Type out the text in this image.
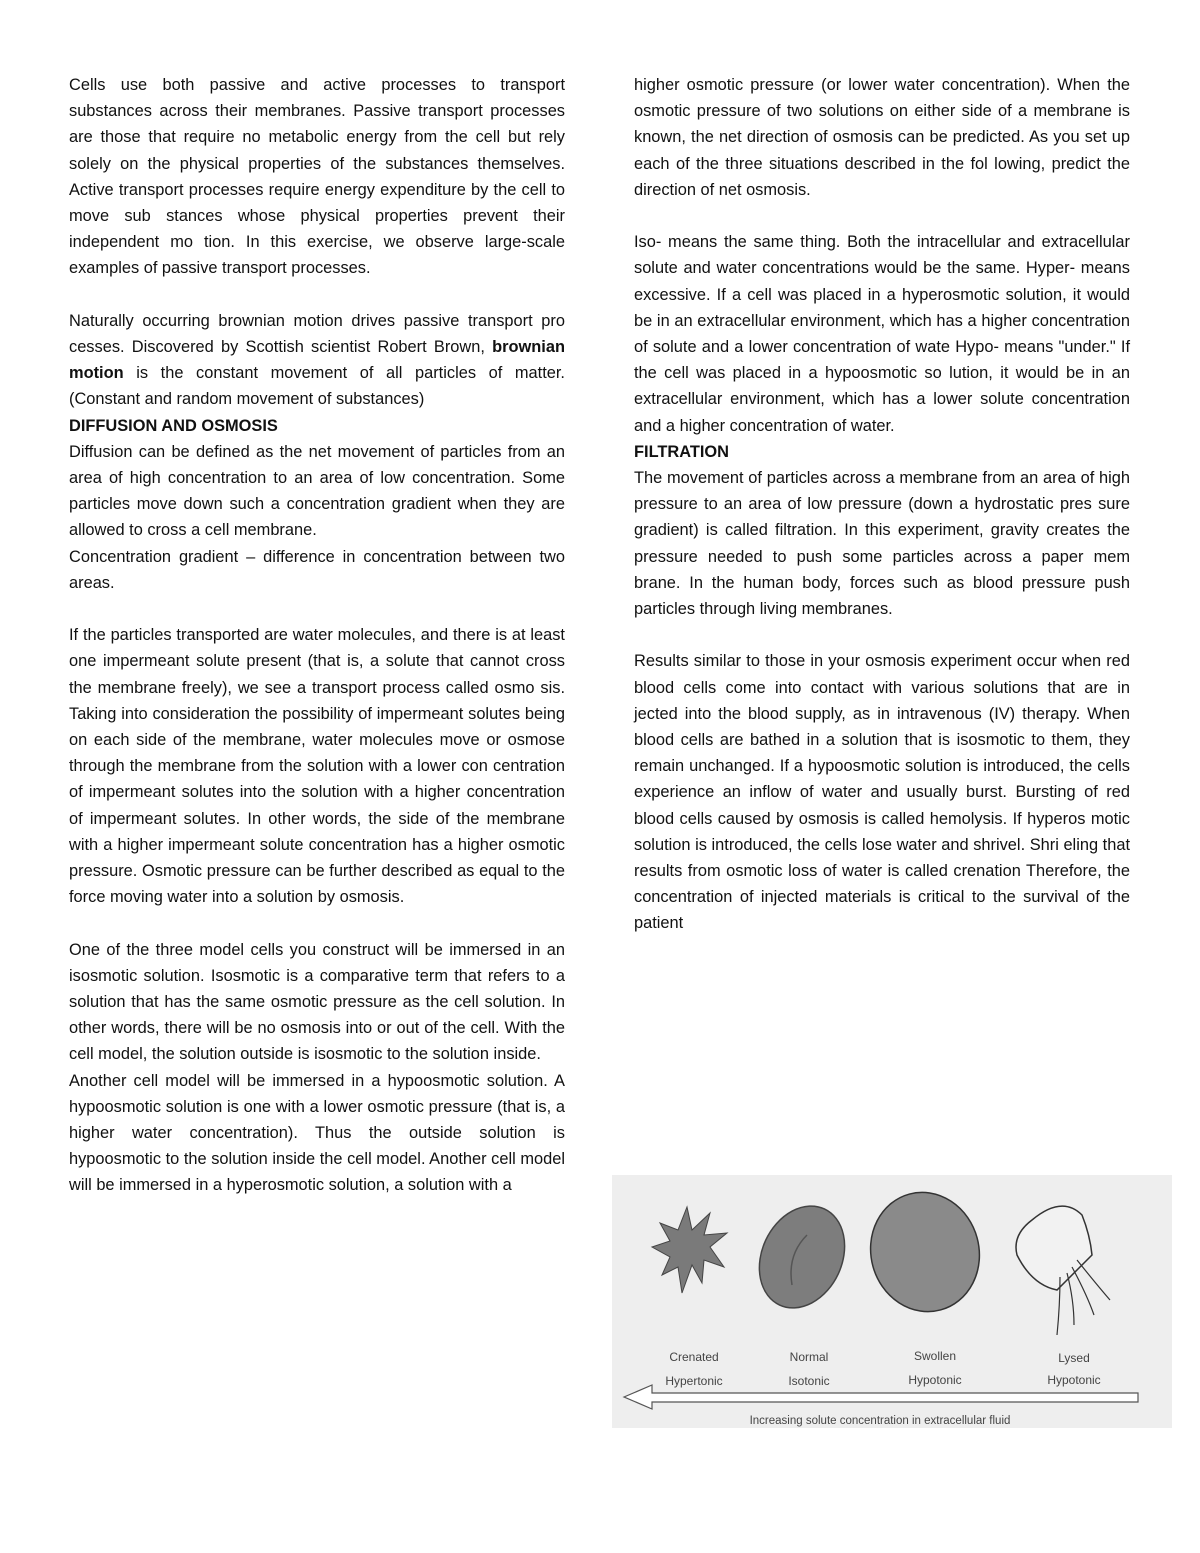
Cells use both passive and active processes to transport substances across their membranes. Passive transport processes are those that require no metabolic energy from the cell but rely solely on the physical properties of the substances themselves. Active transport processes require energy expenditure by the cell to move sub stances whose physical properties prevent their independent mo tion. In this exercise, we observe large-scale examples of passive transport processes.

Naturally occurring brownian motion drives passive transport pro cesses. Discovered by Scottish scientist Robert Brown, brownian motion is the constant movement of all particles of matter. (Constant and random movement of substances)

DIFFUSION AND OSMOSIS

Diffusion can be defined as the net movement of particles from an area of high concentration to an area of low concentration. Some particles move down such a concentration gradient when they are allowed to cross a cell membrane.

Concentration gradient – difference in concentration between two areas.

If the particles transported are water molecules, and there is at least one impermeant solute present (that is, a solute that cannot cross the membrane freely), we see a transport process called osmo sis. Taking into consideration the possibility of impermeant solutes being on each side of the membrane, water molecules move or osmose through the membrane from the solution with a lower con centration of impermeant solutes into the solution with a higher concentration of impermeant solutes. In other words, the side of the membrane with a higher impermeant solute concentration has a higher osmotic pressure. Osmotic pressure can be further described as equal to the force moving water into a solution by osmosis.

One of the three model cells you construct will be immersed in an isosmotic solution. Isosmotic is a comparative term that refers to a solution that has the same osmotic pressure as the cell solution. In other words, there will be no osmosis into or out of the cell. With the cell model, the solution outside is isosmotic to the solution inside.

Another cell model will be immersed in a hypoosmotic solution. A hypoosmotic solution is one with a lower osmotic pressure (that is, a higher water concentration). Thus the outside solution is hypoosmotic to the solution inside the cell model. Another cell model will be immersed in a hyperosmotic solution, a solution with a

higher osmotic pressure (or lower water concentration). When the osmotic pressure of two solutions on either side of a membrane is known, the net direction of osmosis can be predicted. As you set up each of the three situations described in the fol lowing, predict the direction of net osmosis.

Iso- means the same thing. Both the intracellular and extracellular solute and water concentrations would be the same. Hyper- means excessive. If a cell was placed in a hyperosmotic solution, it would be in an extracellular environment, which has a higher concentration of solute and a lower concentration of wate Hypo- means "under." If the cell was placed in a hypoosmotic so lution, it would be in an extracellular environment, which has a lower solute concentration and a higher concentration of water.

FILTRATION

The movement of particles across a membrane from an area of high pressure to an area of low pressure (down a hydrostatic pres sure gradient) is called filtration. In this experiment, gravity creates the pressure needed to push some particles across a paper mem brane. In the human body, forces such as blood pressure push particles through living membranes.

Results similar to those in your osmosis experiment occur when red blood cells come into contact with various solutions that are in jected into the blood supply, as in intravenous (IV) therapy. When blood cells are bathed in a solution that is isosmotic to them, they remain unchanged. If a hypoosmotic solution is introduced, the cells experience an inflow of water and usually burst. Bursting of red blood cells caused by osmosis is called hemolysis. If hyperos motic solution is introduced, the cells lose water and shrivel. Shri eling that results from osmotic loss of water is called crenation Therefore, the concentration of injected materials is critical to the survival of the patient

Crenated
Hypertonic
Normal
Isotonic
Swollen
Hypotonic
Lysed
Hypotonic
Increasing solute concentration in extracellular fluid
